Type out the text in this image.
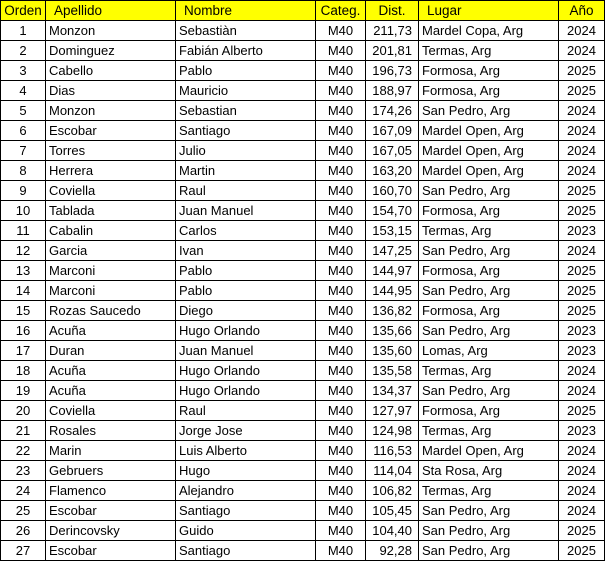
Orden	Apellido	Nombre	Categ.	Dist.	Lugar	Año
1	Monzon	Sebastiàn	M40	211,73	Mardel Copa, Arg	2024
2	Dominguez	Fabián Alberto	M40	201,81	Termas, Arg	2024
3	Cabello	Pablo	M40	196,73	Formosa, Arg	2025
4	Dias	Mauricio	M40	188,97	Formosa, Arg	2025
5	Monzon	Sebastian	M40	174,26	San Pedro, Arg	2024
6	Escobar	Santiago	M40	167,09	Mardel Open, Arg	2024
7	Torres	Julio	M40	167,05	Mardel Open, Arg	2024
8	Herrera	Martin	M40	163,20	Mardel Open, Arg	2024
9	Coviella	Raul	M40	160,70	San Pedro, Arg	2025
10	Tablada	Juan Manuel	M40	154,70	Formosa, Arg	2025
11	Cabalin	Carlos	M40	153,15	Termas, Arg	2023
12	Garcia	Ivan	M40	147,25	San Pedro, Arg	2024
13	Marconi	Pablo	M40	144,97	Formosa, Arg	2025
14	Marconi	Pablo	M40	144,95	San Pedro, Arg	2025
15	Rozas Saucedo	Diego	M40	136,82	Formosa, Arg	2025
16	Acuña	Hugo Orlando	M40	135,66	San Pedro, Arg	2023
17	Duran	Juan Manuel	M40	135,60	Lomas, Arg	2023
18	Acuña	Hugo Orlando	M40	135,58	Termas, Arg	2024
19	Acuña	Hugo Orlando	M40	134,37	San Pedro, Arg	2024
20	Coviella	Raul	M40	127,97	Formosa, Arg	2025
21	Rosales	Jorge Jose	M40	124,98	Termas, Arg	2023
22	Marin	Luis Alberto	M40	116,53	Mardel Open, Arg	2024
23	Gebruers	Hugo	M40	114,04	Sta Rosa, Arg	2024
24	Flamenco	Alejandro	M40	106,82	Termas, Arg	2024
25	Escobar	Santiago	M40	105,45	San Pedro, Arg	2024
26	Derincovsky	Guido	M40	104,40	San Pedro, Arg	2025
27	Escobar	Santiago	M40	92,28	San Pedro, Arg	2025
